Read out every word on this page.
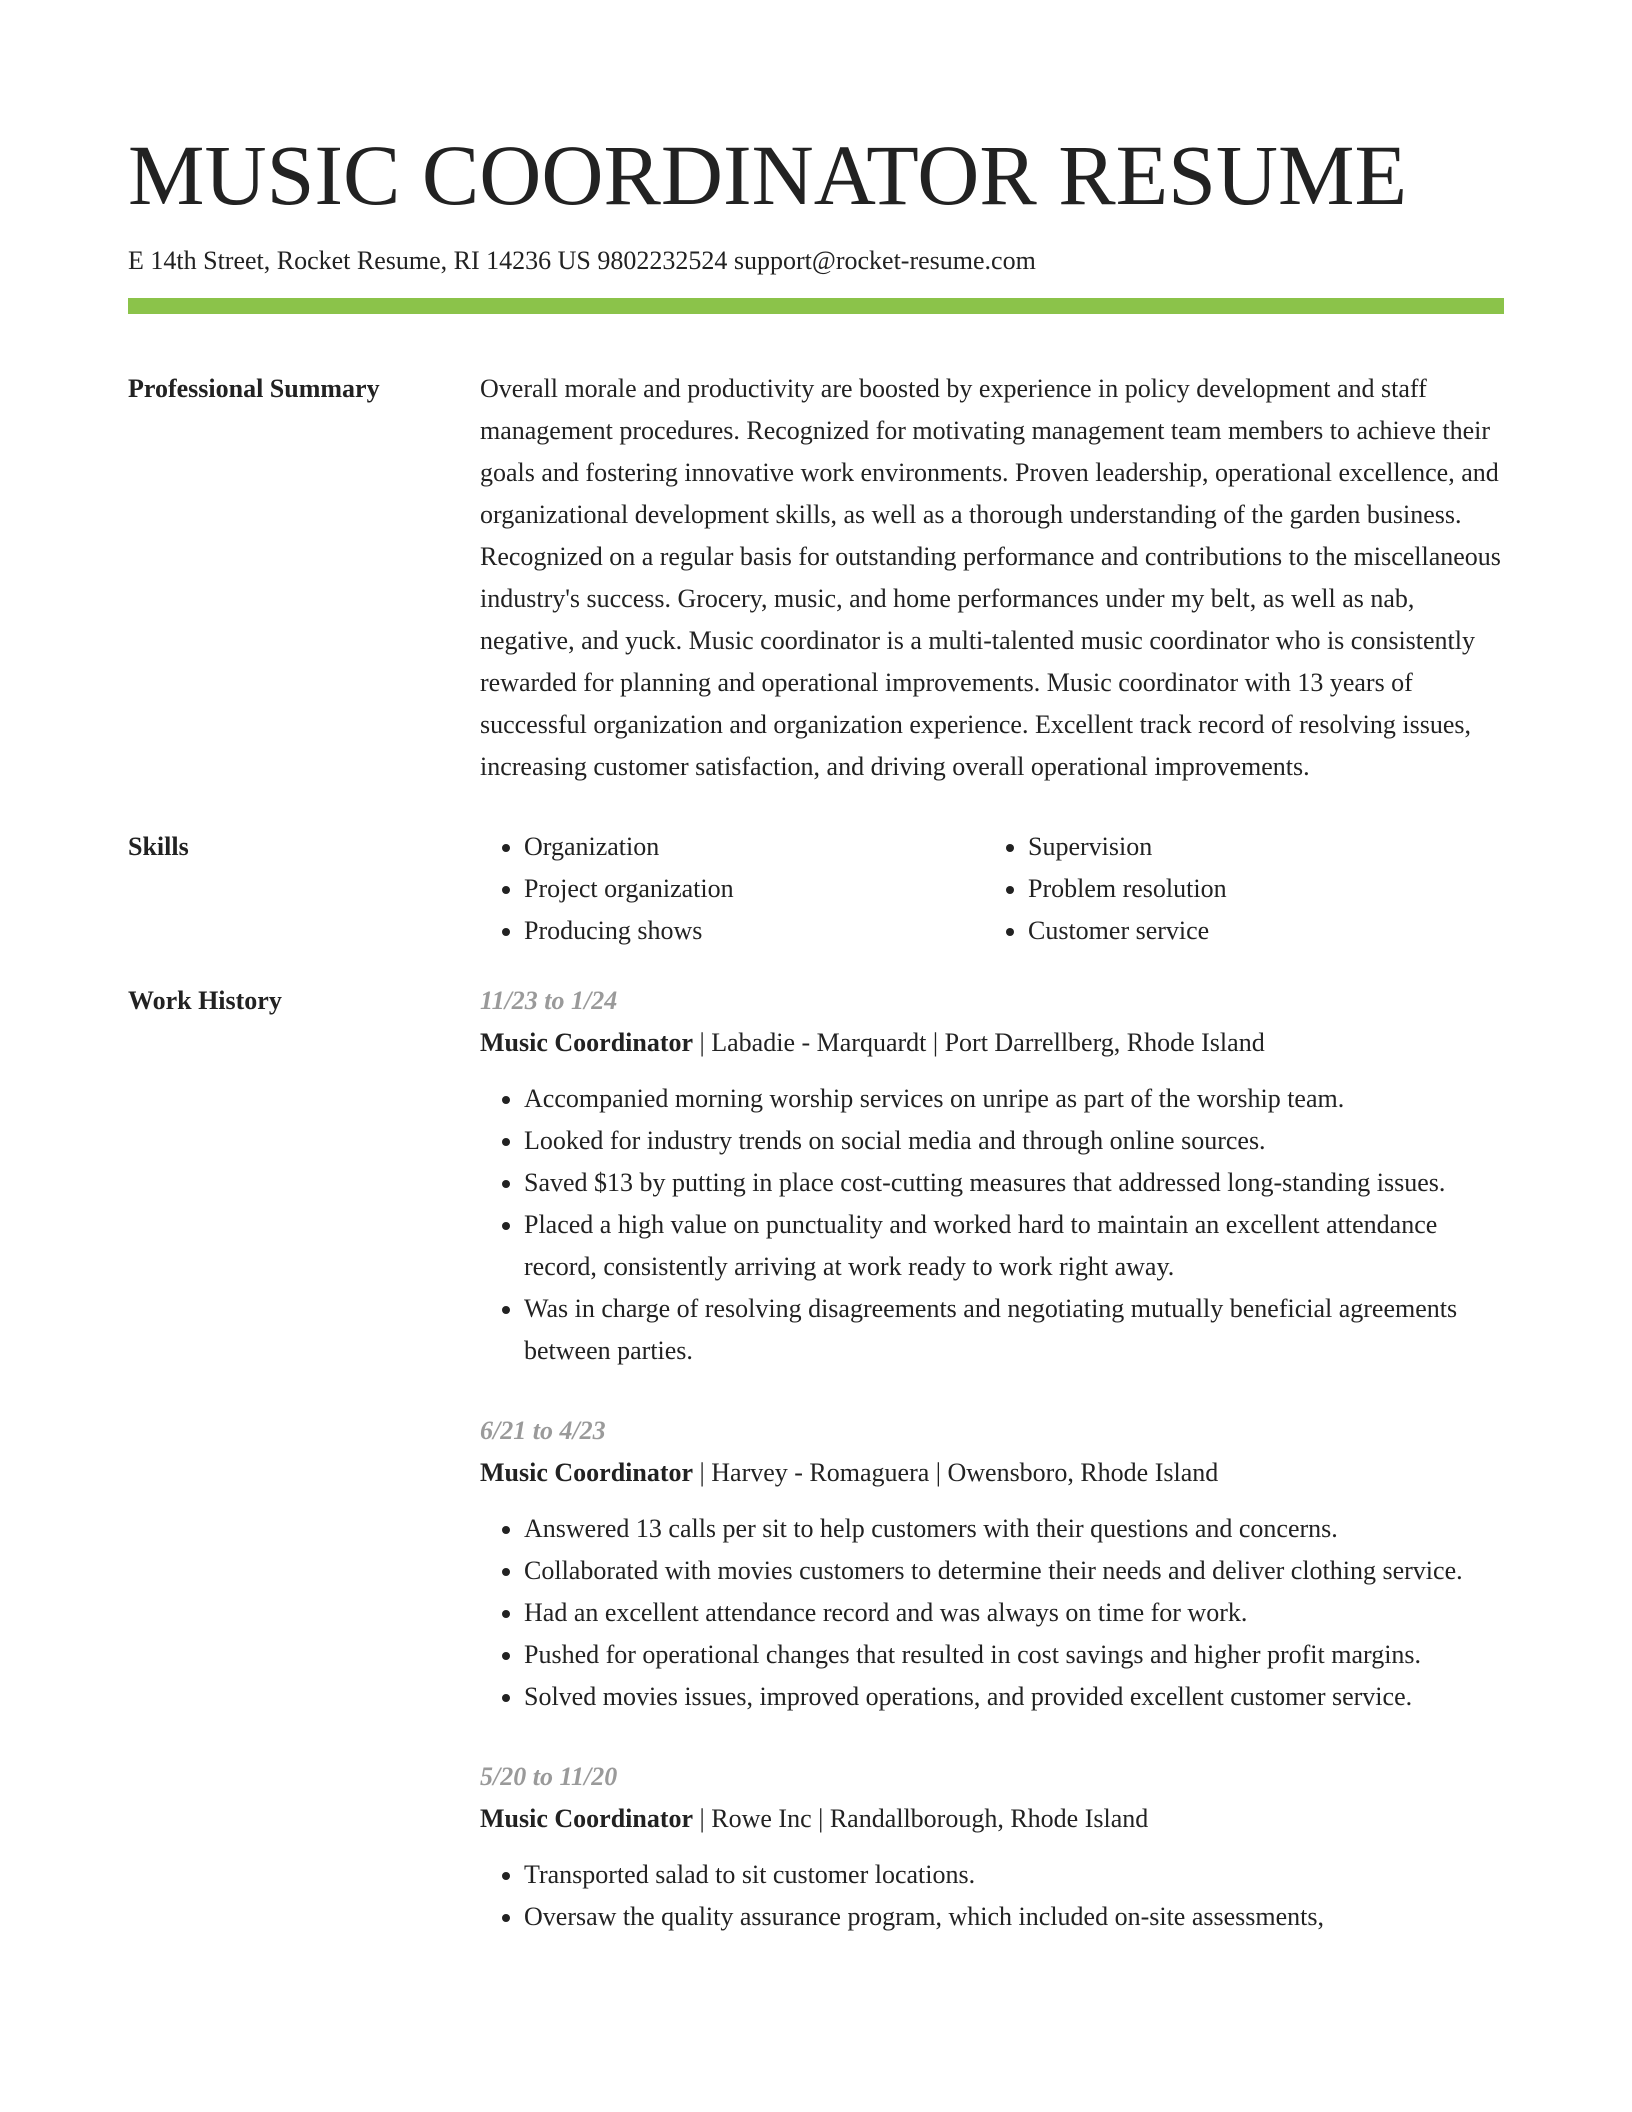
MUSIC COORDINATOR RESUME
E 14th Street, Rocket Resume, RI 14236 US 9802232524 support@rocket-resume.com
Professional Summary	Overall morale and productivity are boosted by experience in policy development and staff management procedures. Recognized for motivating management team members to achieve their goals and fostering innovative work environments. Proven leadership, operational excellence, and organizational development skills, as well as a thorough understanding of the garden business. Recognized on a regular basis for outstanding performance and contributions to the miscellaneous industry's success. Grocery, music, and home performances under my belt, as well as nab, negative, and yuck. Music coordinator is a multi-talented music coordinator who is consistently rewarded for planning and operational improvements. Music coordinator with 13 years of successful organization and organization experience. Excellent track record of resolving issues, increasing customer satisfaction, and driving overall operational improvements.

Skills
•	Organization
• Project organization
• Producing shows
• Supervision
• Problem resolution
• Customer service
Work History	11/23 to 1/24
Music Coordinator | Labadie - Marquardt | Port Darrellberg, Rhode Island
• Accompanied morning worship services on unripe as part of the worship team.
• Looked for industry trends on social media and through online sources.
• Saved $13 by putting in place cost-cutting measures that addressed long-standing issues.
• Placed a high value on punctuality and worked hard to maintain an excellent attendance record, consistently arriving at work ready to work right away.
• Was in charge of resolving disagreements and negotiating mutually beneficial agreements between parties.
6/21 to 4/23
Music Coordinator | Harvey - Romaguera | Owensboro, Rhode Island
• Answered 13 calls per sit to help customers with their questions and concerns.
• Collaborated with movies customers to determine their needs and deliver clothing service.
• Had an excellent attendance record and was always on time for work.
• Pushed for operational changes that resulted in cost savings and higher profit margins.
• Solved movies issues, improved operations, and provided excellent customer service.
5/20 to 11/20
Music Coordinator | Rowe Inc | Randallborough, Rhode Island
• Transported salad to sit customer locations.
• Oversaw the quality assurance program, which included on-site assessments,
